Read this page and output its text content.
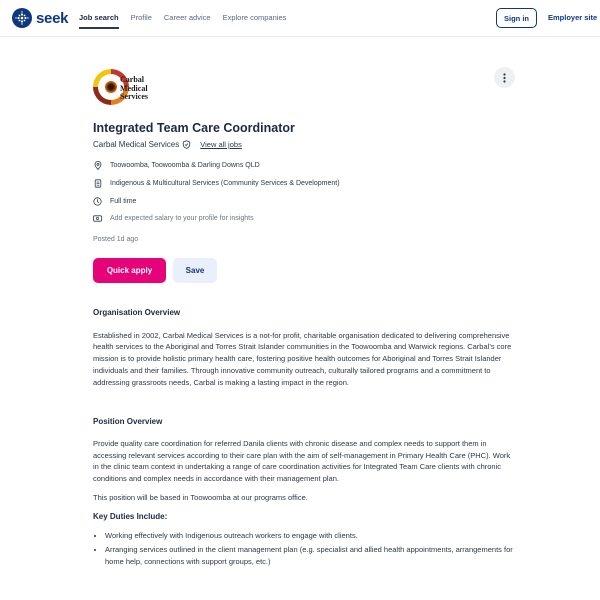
seek Job search Profile Career advice Explore companies	Sign in	Employer site
Carbal
Medical
Services
Integrated Team Care Coordinator
Carbal Medical Services	View all jobs
Toowoomba, Toowoomba & Darling Downs QLD
Indigenous & Multicultural Services (Community Services & Development)
Full time
Add expected salary to your profile for insights
Posted 1d ago
Quick apply	Save
Organisation Overview

Established in 2002, Carbal Medical Services is a not-for profit, charitable organisation dedicated to delivering comprehensive health services to the Aboriginal and Torres Strait Islander communities in the Toowoomba and Warwick regions. Carbal’s core mission is to provide holistic primary health care, fostering positive health outcomes for Aboriginal and Torres Strait Islander individuals and their families. Through innovative community outreach, culturally tailored programs and a commitment to addressing grassroots needs, Carbal is making a lasting impact in the region.

Position Overview

Provide quality care coordination for referred Danila clients with chronic disease and complex needs to support them in accessing relevant services according to their care plan with the aim of self-management in Primary Health Care (PHC). Work in the clinic team context in undertaking a range of care coordination activities for Integrated Team Care clients with chronic conditions and complex needs in accordance with their management plan.

This position will be based in Toowoomba at our programs office.

Key Duties Include:
• Working effectively with Indigenous outreach workers to engage with clients.
• Arranging services outlined in the client management plan (e.g. specialist and allied health appointments, arrangements for home help, connections with support groups, etc.)
